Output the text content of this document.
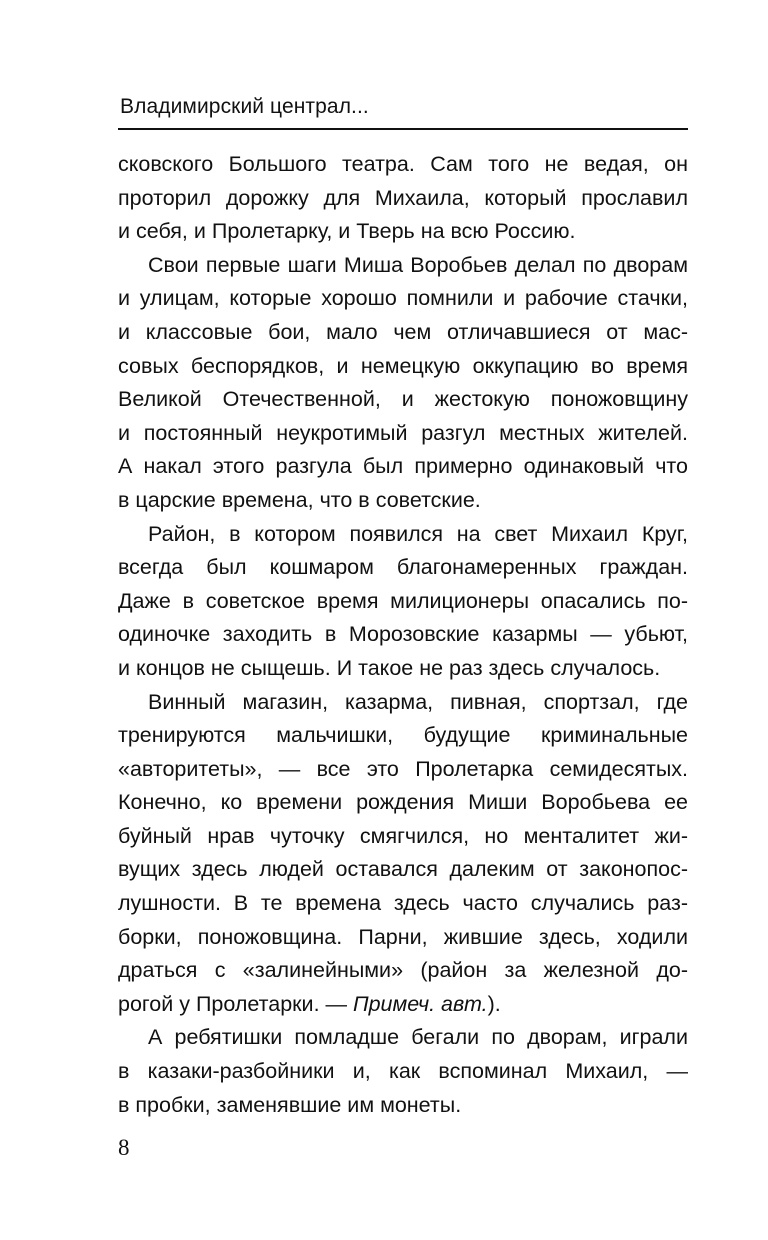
Владимирский централ...
сковского Большого театра. Сам того не ведая, он
проторил дорожку для Михаила, который прославил
и себя, и Пролетарку, и Тверь на всю Россию.
Свои первые шаги Миша Воробьев делал по дворам
и улицам, которые хорошо помнили и рабочие стачки,
и классовые бои, мало чем отличавшиеся от мас-
совых беспорядков, и немецкую оккупацию во время
Великой Отечественной, и жестокую поножовщину
и постоянный неукротимый разгул местных жителей.
А накал этого разгула был примерно одинаковый что
в царские времена, что в советские.
Район, в котором появился на свет Михаил Круг,
всегда был кошмаром благонамеренных граждан.
Даже в советское время милиционеры опасались по-
одиночке заходить в Морозовские казармы — убьют,
и концов не сыщешь. И такое не раз здесь случалось.
Винный магазин, казарма, пивная, спортзал, где
тренируются мальчишки, будущие криминальные
«авторитеты», — все это Пролетарка семидесятых.
Конечно, ко времени рождения Миши Воробьева ее
буйный нрав чуточку смягчился, но менталитет жи-
вущих здесь людей оставался далеким от законопос-
лушности. В те времена здесь часто случались раз-
борки, поножовщина. Парни, жившие здесь, ходили
драться с «залинейными» (район за железной до-
рогой у Пролетарки. — Примеч. авт.).
А ребятишки помладше бегали по дворам, играли
в казаки-разбойники и, как вспоминал Михаил, —
в пробки, заменявшие им монеты.
8
